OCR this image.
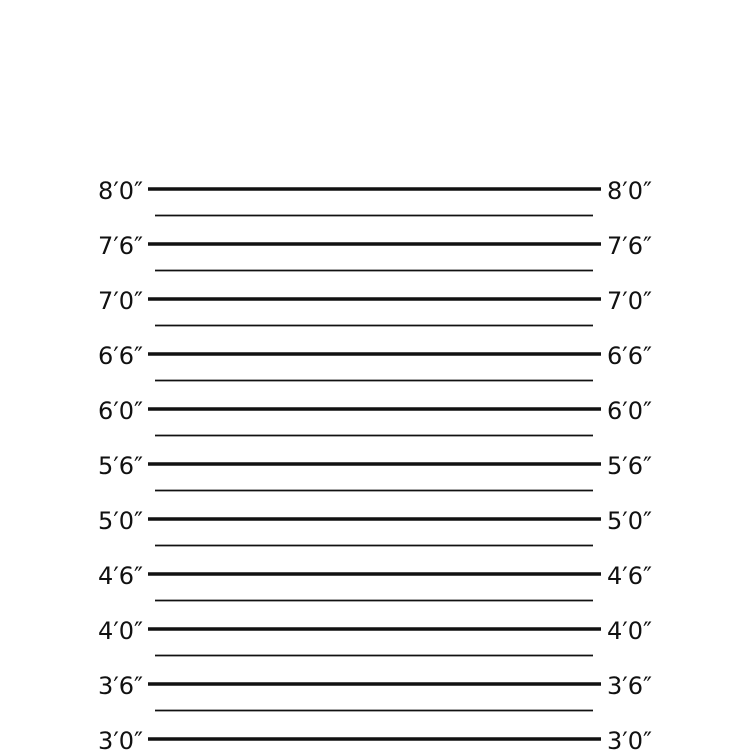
8′0″	8′0″
7′6″	7′6″
7′0″	7′0″
6′6″	6′6″
6′0″	6′0″
5′6″	5′6″
5′0″	5′0″
4′6″	4′6″
4′0″	4′0″
3′6″	3′6″
3′0″	3′0″
